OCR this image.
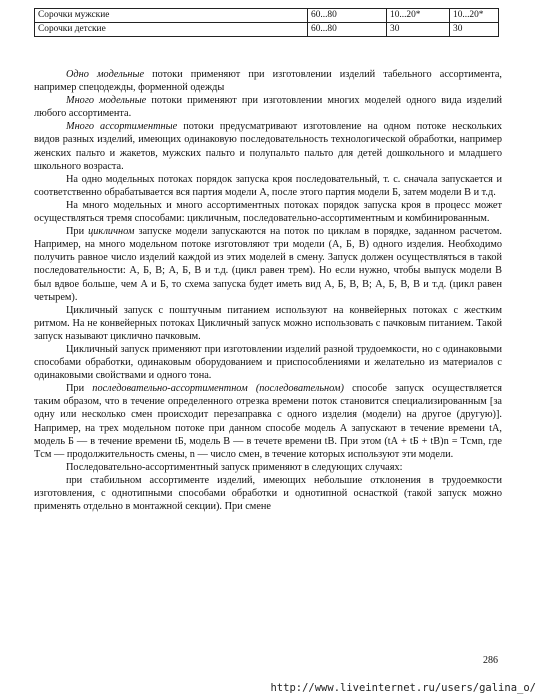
Сорочки мужские	60...80	10...20*	10...20*
Сорочки детские	60...80	30	30

Одно модельные потоки применяют при изготовлении изделий табельного ассортимента, например спецодежды, форменной одежды

Много модельные потоки применяют при изготовлении многих моделей одного вида изделий любого ассортимента.

Много ассортиментные потоки предусматривают изготовление на одном потоке нескольких видов разных изделий, имеющих одинаковую последовательность технологической обработки, например женских пальто и жакетов, мужских пальто и полупальто пальто для детей дошкольного и младшего школьного возраста.

На одно модельных потоках порядок запуска кроя последовательный, т. с. сначала запускается и соответственно обрабатывается вся партия модели А, после этого партия модели Б, затем модели В и т.д.

На много модельных и много ассортиментных потоках порядок запуска кроя в процесс может осуществляться тремя способами: цикличным, последовательно-ассортиментным и комбинированным.

При цикличном запуске модели запускаются на поток по циклам в порядке, заданном расчетом. Например, на много модельном потоке изготовляют три модели (А, Б, В) одного изделия. Необходимо получить равное число изделий каждой из этих моделей в смену. Запуск должен осуществляться в такой последовательности: А, Б, В; А, Б, В и т.д. (цикл равен трем). Но если нужно, чтобы выпуск модели В был вдвое больше, чем А и Б, то схема запуска будет иметь вид А, Б, В, В; А, Б, В, В и т.д. (цикл равен четырем).

Цикличный запуск с поштучным питанием используют на конвейерных потоках с жестким ритмом. На не конвейерных потоках Цикличный запуск можно использовать с пачковым питанием. Такой запуск называют циклично пачковым.

Цикличный запуск применяют при изготовлении изделий разной трудоемкости, но с одинаковыми способами обработки, одинаковым оборудованием и приспособлениями и желательно из материалов с одинаковыми свойствами и одного тона.

При последовательно-ассортиментном (последовательном) способе запуск осуществляется таким образом, что в течение определенного отрезка времени поток становится специализированным [за одну или несколько смен происходит перезаправка с одного изделия (модели) на другое (другую)]. Например, на трех модельном потоке при данном способе модель А запускают в течение времени tА, модель Б — в течение времени tБ, модель В — в течете времени tВ. При этом (tА + tБ + tВ)n = Tсмn, где Tсм — продолжительность смены, n — число смен, в течение которых используют эти модели.

Последовательно-ассортиментный запуск применяют в следующих случаях:

при стабильном ассортименте изделий, имеющих небольшие отклонения в трудоемкости изготовления, с однотипными способами обработки и однотипной оснасткой (такой запуск можно применять отдельно в монтажной секции). При смене

286
http://www.liveinternet.ru/users/galina_o/
